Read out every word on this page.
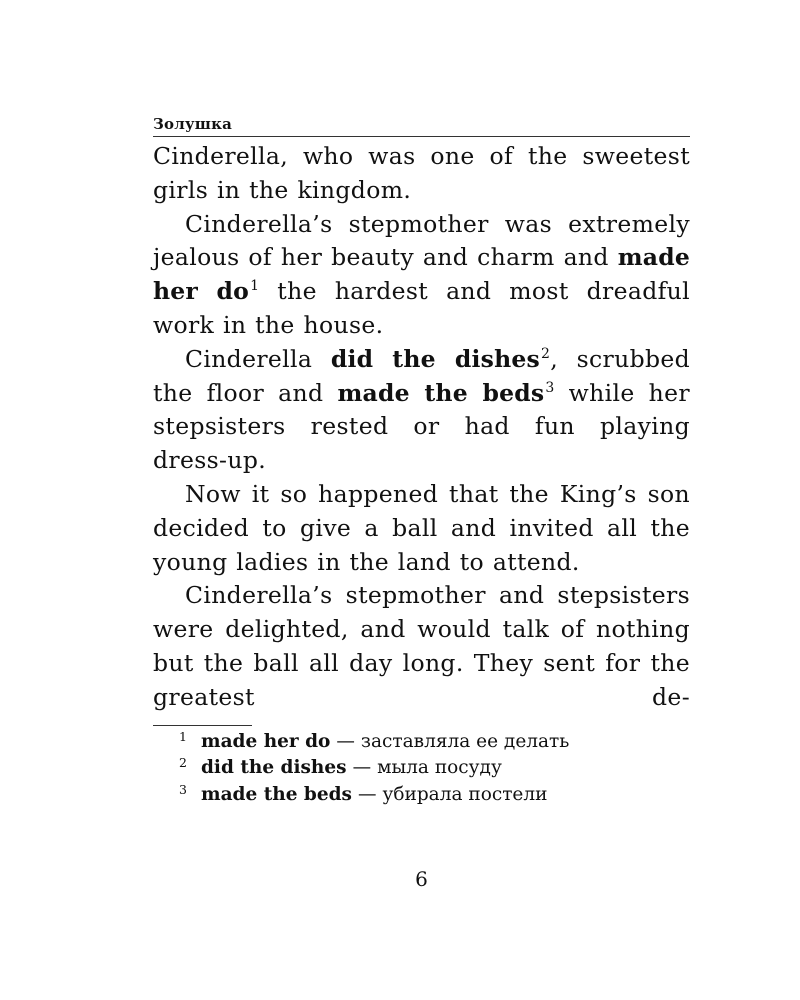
Золушка

Cinderella, who was one of the sweetest girls in the kingdom.

Cinderella’s stepmother was extremely jealous of her beauty and charm and made her $do^1$ the hardest and most dreadful work in the house.

Cinderella did the dishes$^2$, scrubbed the floor and made the beds$^3$ while her stepsisters rested or had fun playing dress-up.

Now it so happened that the King’s son decided to give a ball and invited all the young ladies in the land to attend.

Cinderella’s stepmother and stepsisters were delighted, and would talk of nothing but the ball all day long. They sent for the greatest de-

1 made her do — заставляла ее делать
2 did the dishes — мыла посуду
3 made the beds — убирала постели
6
